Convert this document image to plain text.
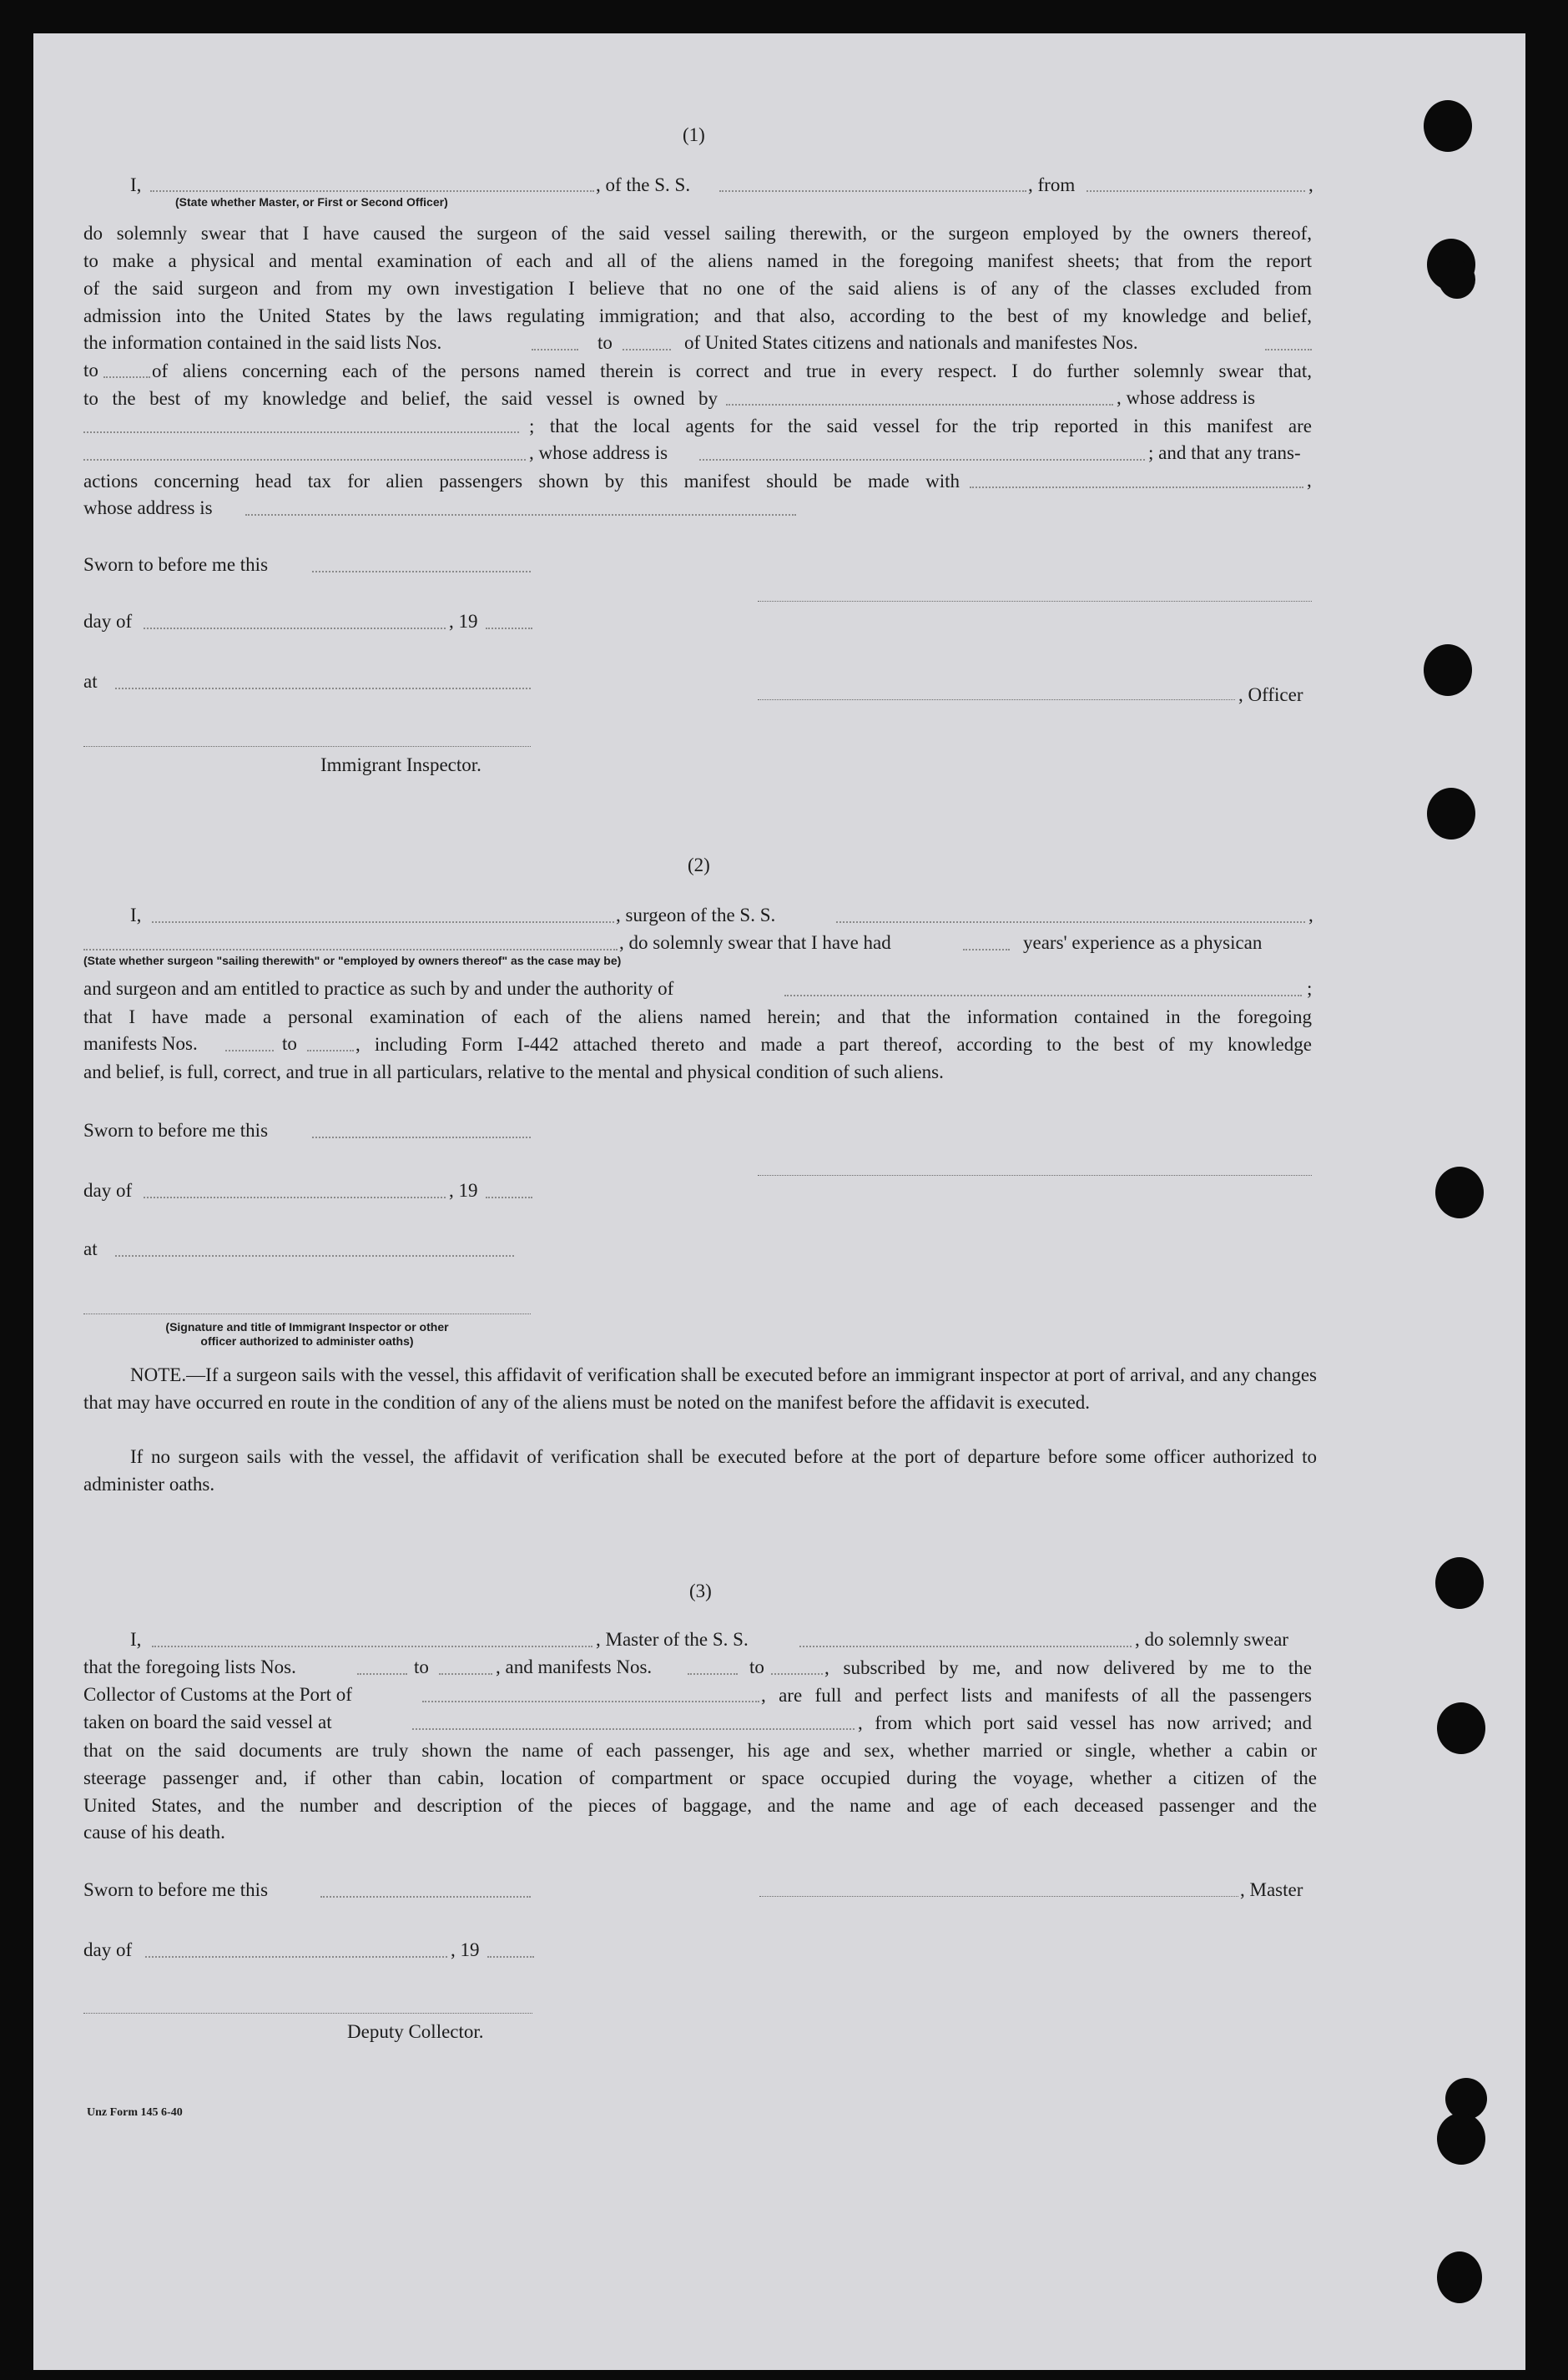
(1)
I,	, of the S. S.	, from	,
(State whether Master, or First or Second Officer)
do solemnly swear that I have caused the surgeon of the said vessel sailing therewith, or the surgeon employed by the owners thereof,
to make a physical and mental examination of each and all of the aliens named in the foregoing manifest sheets; that from the report
of the said surgeon and from my own investigation I believe that no one of the said aliens is of any of the classes excluded from
admission into the United States by the laws regulating immigration; and that also, according to the best of my knowledge and belief,
the information contained in the said lists Nos.	to	of United States citizens and nationals and manifestes Nos.
to	of aliens concerning each of the persons named therein is correct and true in every respect. I do further solemnly swear that,
to the best of my knowledge and belief, the said vessel is owned by	, whose address is
; that the local agents for the said vessel for the trip reported in this manifest are
, whose address is	; and that any trans-
actions concerning head tax for alien passengers shown by this manifest should be made with	,
whose address is
Sworn to before me this
day of	, 19
at
, Officer
Immigrant Inspector.
(2)
I,	, surgeon of the S. S.	,
, do solemnly swear that I have had	years' experience as a physican
(State whether surgeon "sailing therewith" or "employed by owners thereof" as the case may be)
and surgeon and am entitled to practice as such by and under the authority of	;
that I have made a personal examination of each of the aliens named herein; and that the information contained in the foregoing
manifests Nos.	to	, including Form I-442 attached thereto and made a part thereof, according to the best of my knowledge
and belief, is full, correct, and true in all particulars, relative to the mental and physical condition of such aliens.
Sworn to before me this
day of	, 19
at
(Signature and title of Immigrant Inspector or other
officer authorized to administer oaths)
NOTE.—If a surgeon sails with the vessel, this affidavit of verification shall be executed before an immigrant inspector at port of arrival, and any changes that may have occurred en route in the condition of any of the aliens must be noted on the manifest before the affidavit is executed.
If no surgeon sails with the vessel, the affidavit of verification shall be executed before at the port of departure before some officer authorized to administer oaths.
(3)
I,	, Master of the S. S.	, do solemnly swear
that the foregoing lists Nos.	to	, and manifests Nos.	to	, subscribed by me, and now delivered by me to the
Collector of Customs at the Port of	, are full and perfect lists and manifests of all the passengers
taken on board the said vessel at	, from which port said vessel has now arrived; and
that on the said documents are truly shown the name of each passenger, his age and sex, whether married or single, whether a cabin or
steerage passenger and, if other than cabin, location of compartment or space occupied during the voyage, whether a citizen of the
United States, and the number and description of the pieces of baggage, and the name and age of each deceased passenger and the
cause of his death.
Sworn to before me this	, Master
day of	, 19
Deputy Collector.
Unz Form 145 6-40
